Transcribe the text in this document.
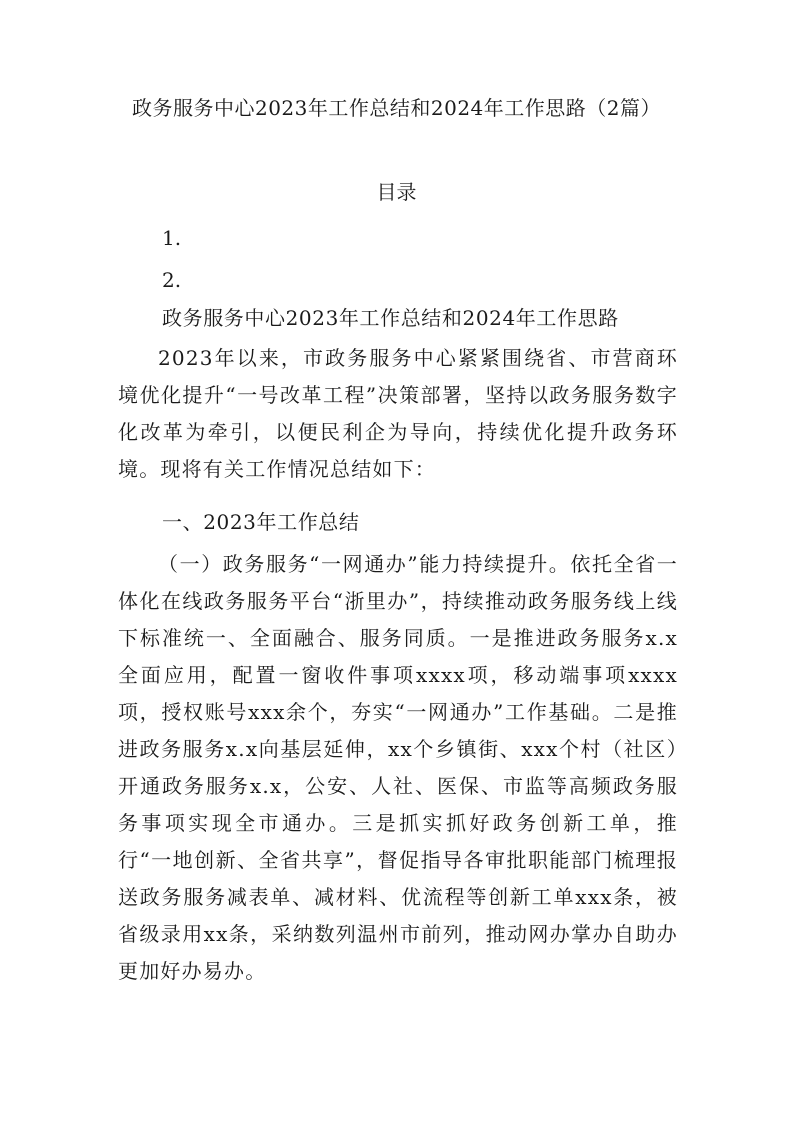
政务服务中心2023年工作总结和2024年工作思路（2篇）
目录
1.
2.
政务服务中心2023年工作总结和2024年工作思路

2023年以来，市政务服务中心紧紧围绕省、市营商环境优化提升“一号改革工程”决策部署，坚持以政务服务数字化改革为牵引，以便民利企为导向，持续优化提升政务环境。现将有关工作情况总结如下：

一、2023年工作总结

（一）政务服务“一网通办”能力持续提升。依托全省一体化在线政务服务平台“浙里办”，持续推动政务服务线上线下标准统一、全面融合、服务同质。一是推进政务服务x.x全面应用，配置一窗收件事项xxxx项，移动端事项xxxx项，授权账号xxx余个，夯实“一网通办”工作基础。二是推进政务服务x.x向基层延伸，xx个乡镇街、xxx个村（社区）开通政务服务x.x，公安、人社、医保、市监等高频政务服务事项实现全市通办。三是抓实抓好政务创新工单，推行“一地创新、全省共享”，督促指导各审批职能部门梳理报送政务服务减表单、减材料、优流程等创新工单xxx条，被省级录用xx条，采纳数列温州市前列，推动网办掌办自助办更加好办易办。
